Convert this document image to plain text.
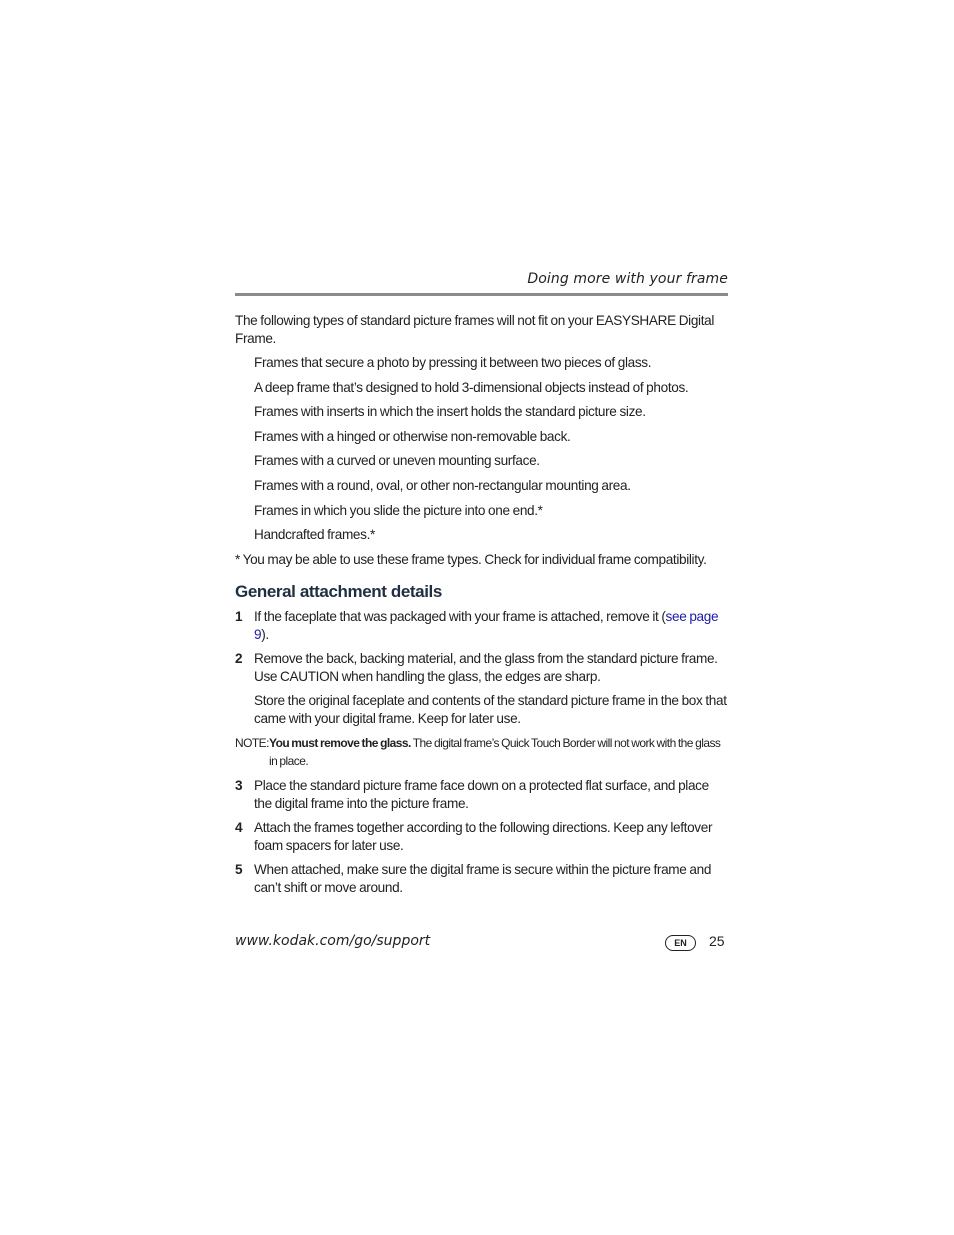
Doing more with your frame
The following types of standard picture frames will not fit on your EASYSHARE Digital Frame.
Frames that secure a photo by pressing it between two pieces of glass.
A deep frame that’s designed to hold 3-dimensional objects instead of photos.
Frames with inserts in which the insert holds the standard picture size.
Frames with a hinged or otherwise non-removable back.
Frames with a curved or uneven mounting surface.
Frames with a round, oval, or other non-rectangular mounting area.
Frames in which you slide the picture into one end.*
Handcrafted frames.*
* You may be able to use these frame types. Check for individual frame compatibility.
General attachment details
1 If the faceplate that was packaged with your frame is attached, remove it (see page 9).
2 Remove the back, backing material, and the glass from the standard picture frame. Use CAUTION when handling the glass, the edges are sharp.
Store the original faceplate and contents of the standard picture frame in the box that came with your digital frame. Keep for later use.
NOTE: You must remove the glass. The digital frame’s Quick Touch Border will not work with the glass in place.
3 Place the standard picture frame face down on a protected flat surface, and place the digital frame into the picture frame.
4 Attach the frames together according to the following directions. Keep any leftover foam spacers for later use.
5 When attached, make sure the digital frame is secure within the picture frame and can’t shift or move around.
www.kodak.com/go/support	EN	25
